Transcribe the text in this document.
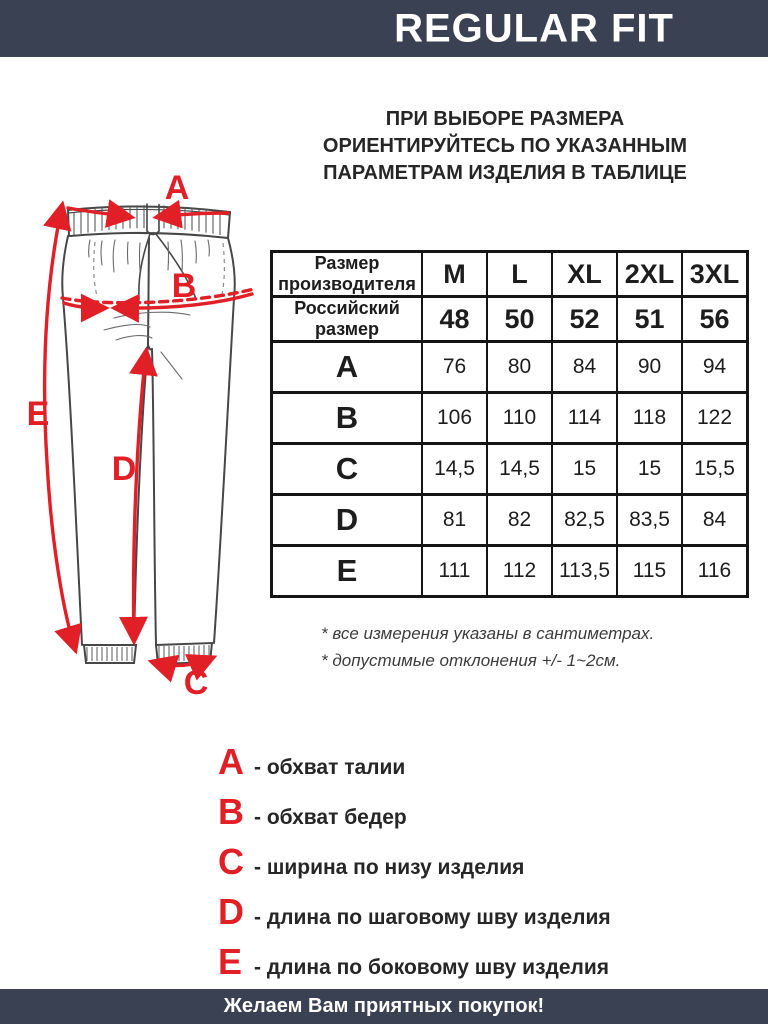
REGULAR FIT
ПРИ ВЫБОРЕ РАЗМЕРА
ОРИЕНТИРУЙТЕСЬ ПО УКАЗАННЫМ
ПАРАМЕТРАМ ИЗДЕЛИЯ В ТАБЛИЦЕ
A
B
E
D
C
Размер
производителя	M	L	XL	2XL	3XL
Российский
размер	48	50	52	51	56
A	76	80	84	90	94
B	106	110	114	118	122
C	14,5	14,5	15	15	15,5
D	81	82	82,5	83,5	84
E	111	112	113,5	115	116
* все измерения указаны в сантиметрах.
* допустимые отклонения +/- 1~2см.
A - обхват талии
B - обхват бедер
C - ширина по низу изделия
D - длина по шаговому шву изделия
E - длина по боковому шву изделия
Желаем Вам приятных покупок!
